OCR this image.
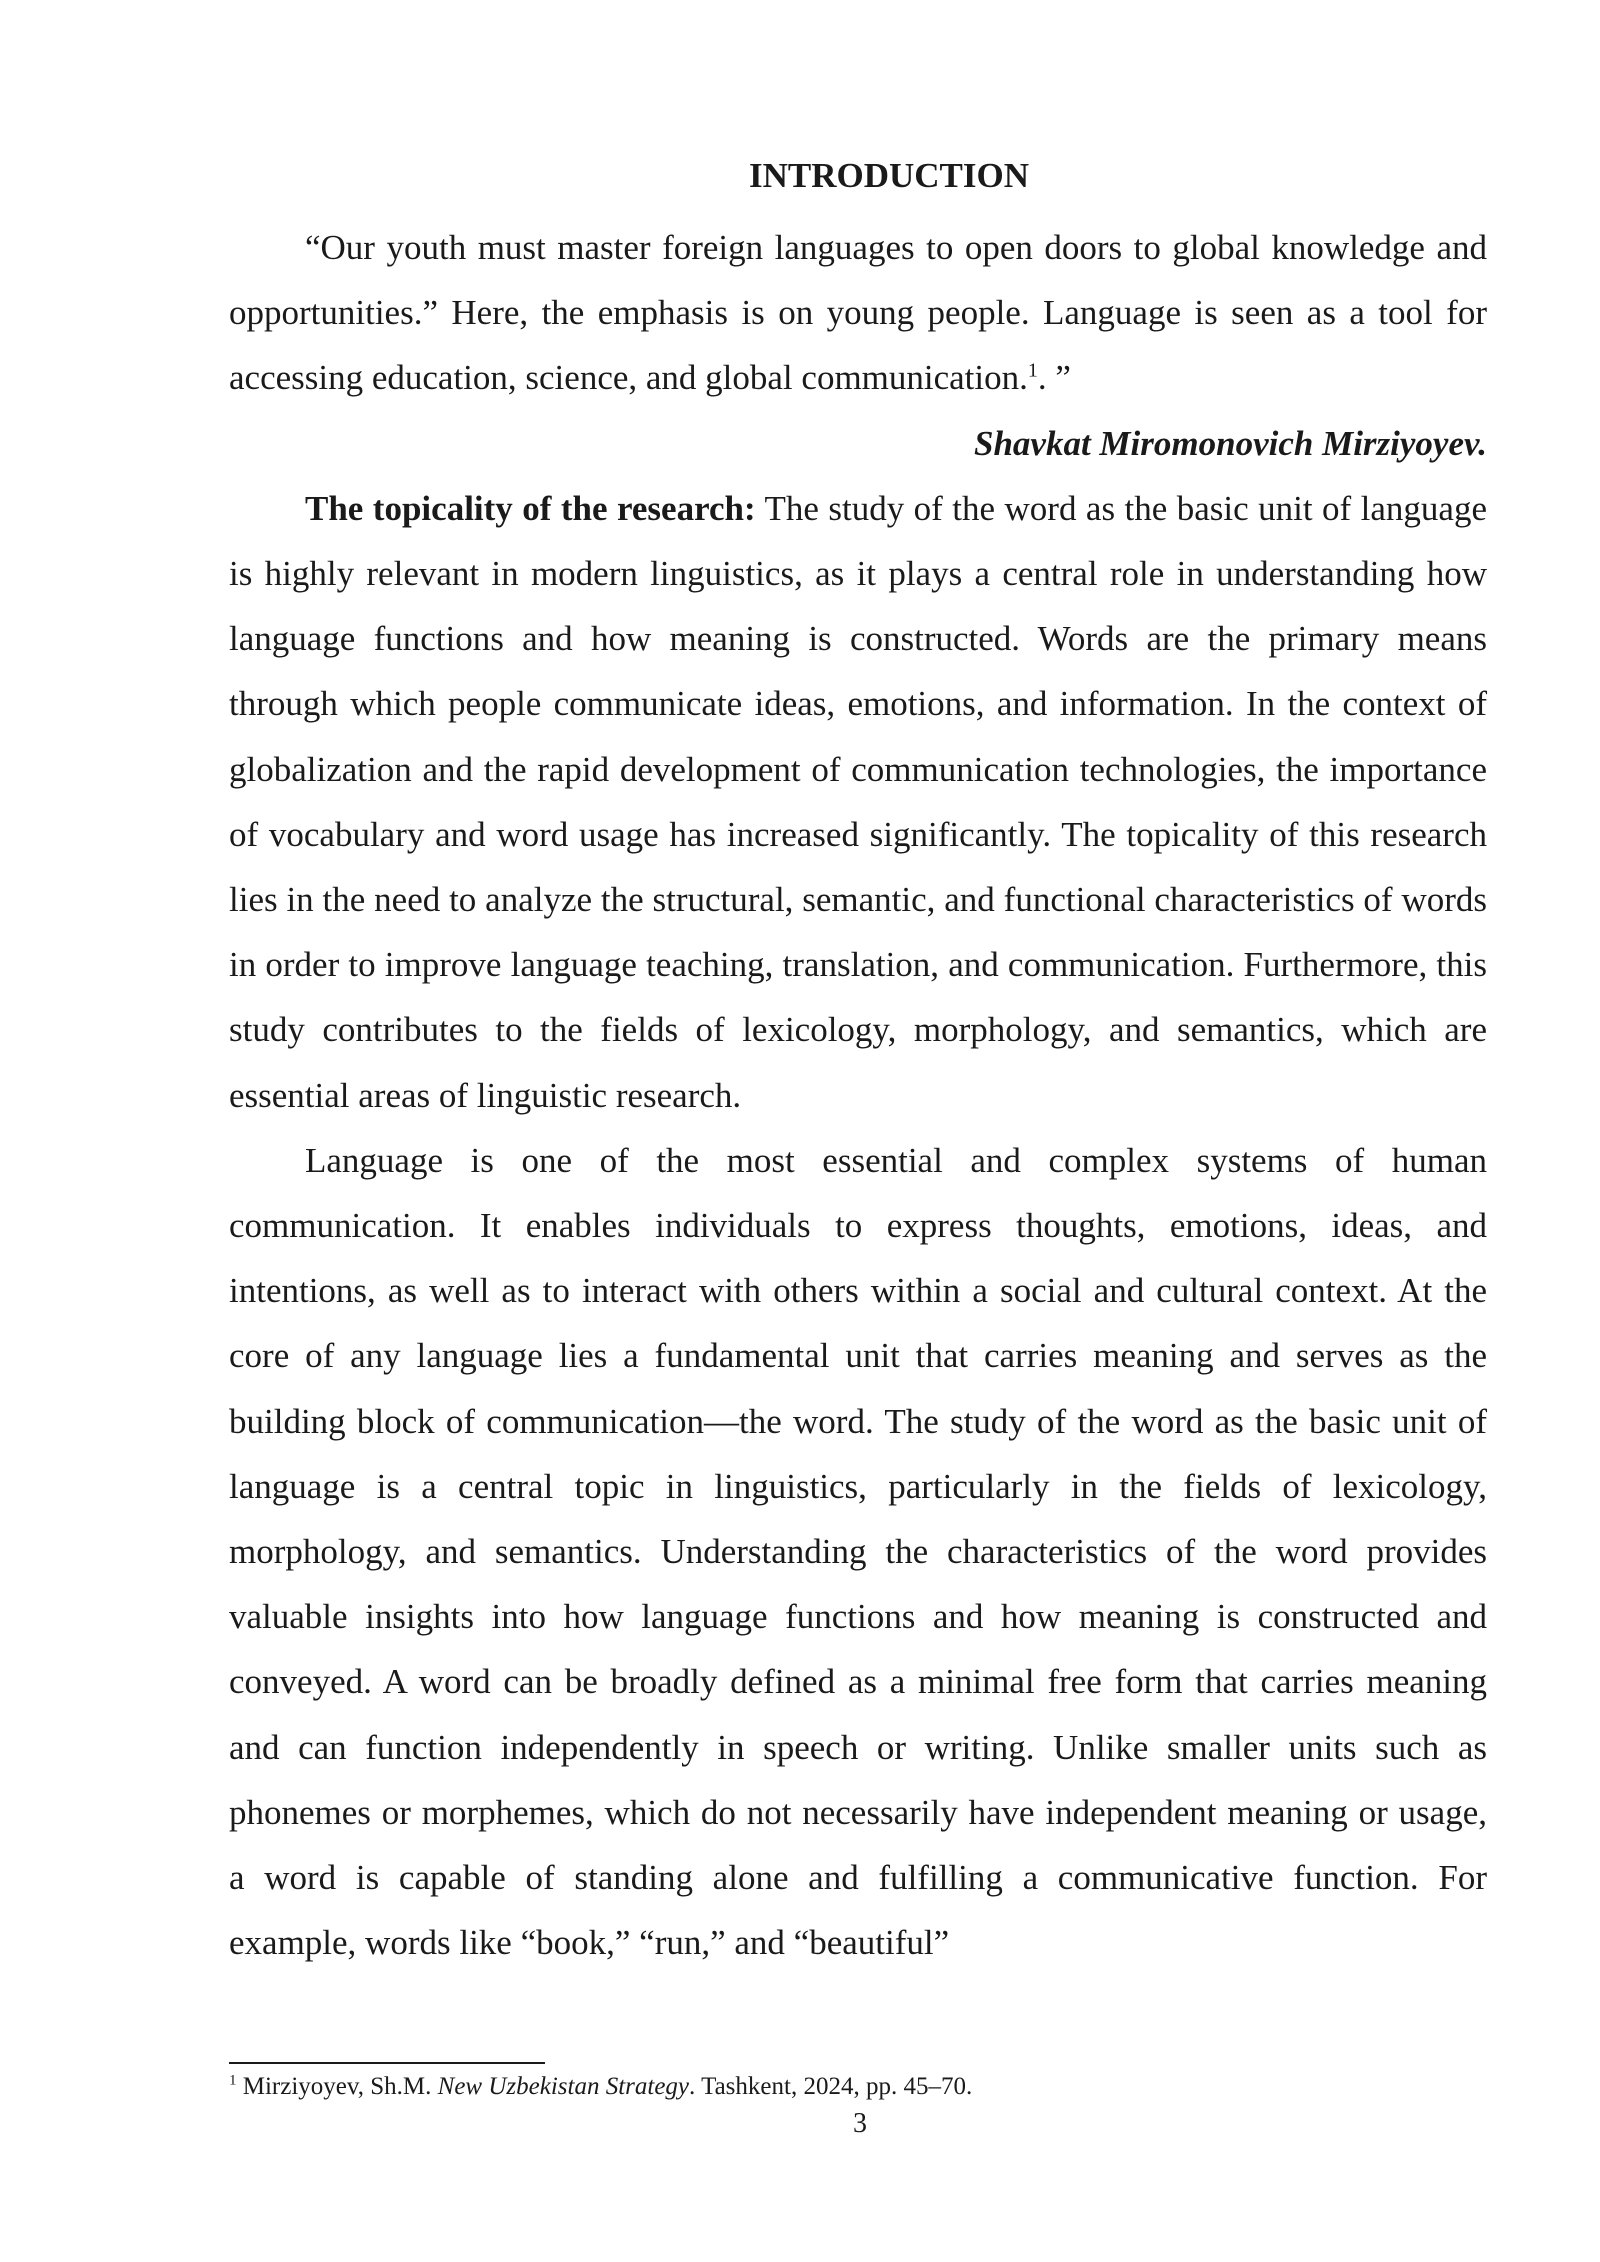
INTRODUCTION

“Our youth must master foreign languages to open doors to global knowledge and opportunities.” Here, the emphasis is on young people. Language is seen as a tool for accessing education, science, and global communication.$^1$. ”

Shavkat Miromonovich Mirziyoyev.

The topicality of the research: The study of the word as the basic unit of language is highly relevant in modern linguistics, as it plays a central role in understanding how language functions and how meaning is constructed. Words are the primary means through which people communicate ideas, emotions, and information. In the context of globalization and the rapid development of communication technologies, the importance of vocabulary and word usage has increased significantly. The topicality of this research lies in the need to analyze the structural, semantic, and functional characteristics of words in order to improve language teaching, translation, and communication. Furthermore, this study contributes to the fields of lexicology, morphology, and semantics, which are essential areas of linguistic research.

Language is one of the most essential and complex systems of human communication. It enables individuals to express thoughts, emotions, ideas, and intentions, as well as to interact with others within a social and cultural context. At the core of any language lies a fundamental unit that carries meaning and serves as the building block of communication—the word. The study of the word as the basic unit of language is a central topic in linguistics, particularly in the fields of lexicology, morphology, and semantics. Understanding the characteristics of the word provides valuable insights into how language functions and how meaning is constructed and conveyed. A word can be broadly defined as a minimal free form that carries meaning and can function independently in speech or writing. Unlike smaller units such as phonemes or morphemes, which do not necessarily have independent meaning or usage, a word is capable of standing alone and fulfilling a communicative function. For example, words like “book,” “run,” and “beautiful”

$^1$ Mirziyoyev, Sh.M. New Uzbekistan Strategy. Tashkent, 2024, pp. 45–70.
3
